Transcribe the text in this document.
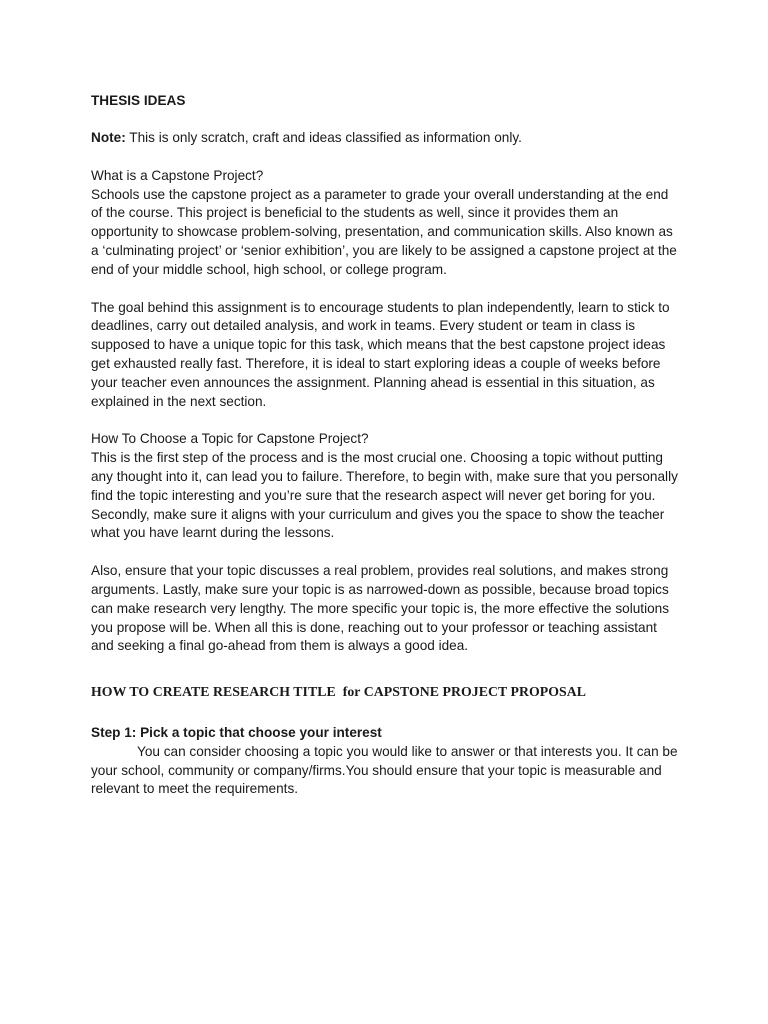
THESIS IDEAS

Note: This is only scratch, craft and ideas classified as information only.

What is a Capstone Project?

Schools use the capstone project as a parameter to grade your overall understanding at the end of the course. This project is beneficial to the students as well, since it provides them an opportunity to showcase problem-solving, presentation, and communication skills. Also known as a ‘culminating project’ or ‘senior exhibition’, you are likely to be assigned a capstone project at the end of your middle school, high school, or college program.

The goal behind this assignment is to encourage students to plan independently, learn to stick to deadlines, carry out detailed analysis, and work in teams. Every student or team in class is supposed to have a unique topic for this task, which means that the best capstone project ideas get exhausted really fast. Therefore, it is ideal to start exploring ideas a couple of weeks before your teacher even announces the assignment. Planning ahead is essential in this situation, as explained in the next section.

How To Choose a Topic for Capstone Project?

This is the first step of the process and is the most crucial one. Choosing a topic without putting any thought into it, can lead you to failure. Therefore, to begin with, make sure that you personally find the topic interesting and you’re sure that the research aspect will never get boring for you. Secondly, make sure it aligns with your curriculum and gives you the space to show the teacher what you have learnt during the lessons.

Also, ensure that your topic discusses a real problem, provides real solutions, and makes strong arguments. Lastly, make sure your topic is as narrowed-down as possible, because broad topics can make research very lengthy. The more specific your topic is, the more effective the solutions you propose will be. When all this is done, reaching out to your professor or teaching assistant and seeking a final go-ahead from them is always a good idea.

HOW TO CREATE RESEARCH TITLE  for CAPSTONE PROJECT PROPOSAL

Step 1: Pick a topic that choose your interest

You can consider choosing a topic you would like to answer or that interests you. It can be your school, community or company/firms.You should ensure that your topic is measurable and relevant to meet the requirements.
